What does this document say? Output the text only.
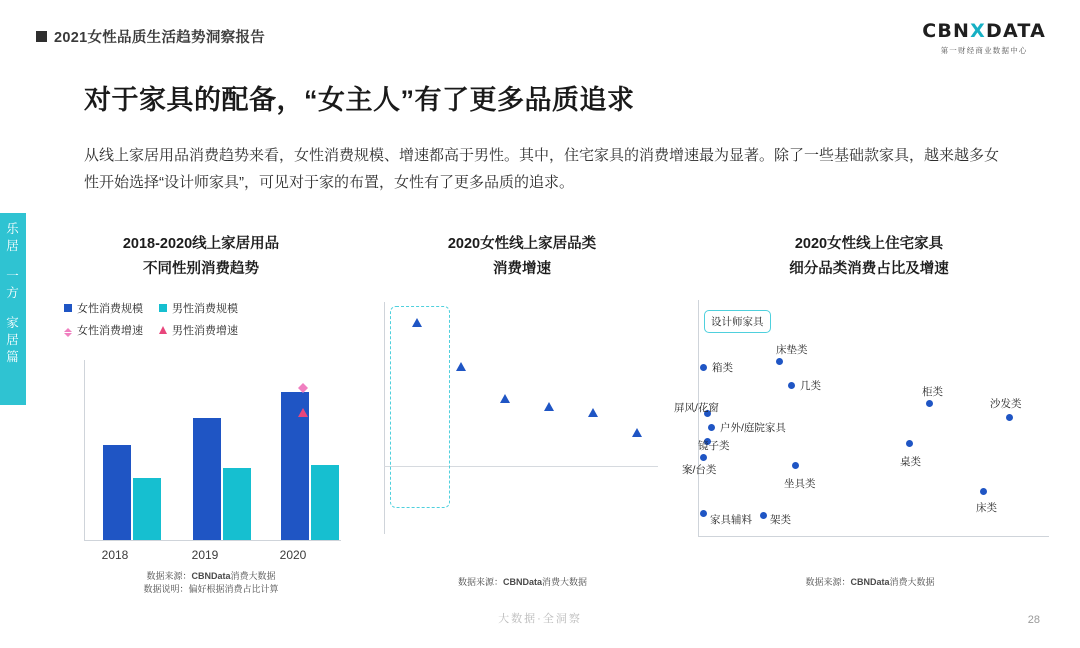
2021女性品质生活趋势洞察报告	CBNXDATA
第一财经商业数据中心
乐居
一方
家居篇
对于家具的配备，“女主人”有了更多品质追求
从线上家居用品消费趋势来看，女性消费规模、增速都高于男性。其中，住宅家具的消费增速最为显著。除了一些基础款家具，越来越多女性开始选择“设计师家具”，可见对于家的布置，女性有了更多品质的追求。
2018-2020线上家居用品
不同性别消费趋势
2020女性线上家居品类
消费增速
2020女性线上住宅家具
细分品类消费占比及增速
女性消费规模	男性消费规模
女性消费增速	男性消费增速
2018	2019	2020
数据来源：CBNData消费大数据
数据说明：偏好根据消费占比计算
数据来源：CBNData消费大数据
设计师家具
箱类
床垫类
几类
屏风/花窗
柜类
沙发类
户外/庭院家具
镜子类
桌类
案/台类
坐具类
床类
家具辅料 架类
数据来源：CBNData消费大数据
大数据·全洞察	28
